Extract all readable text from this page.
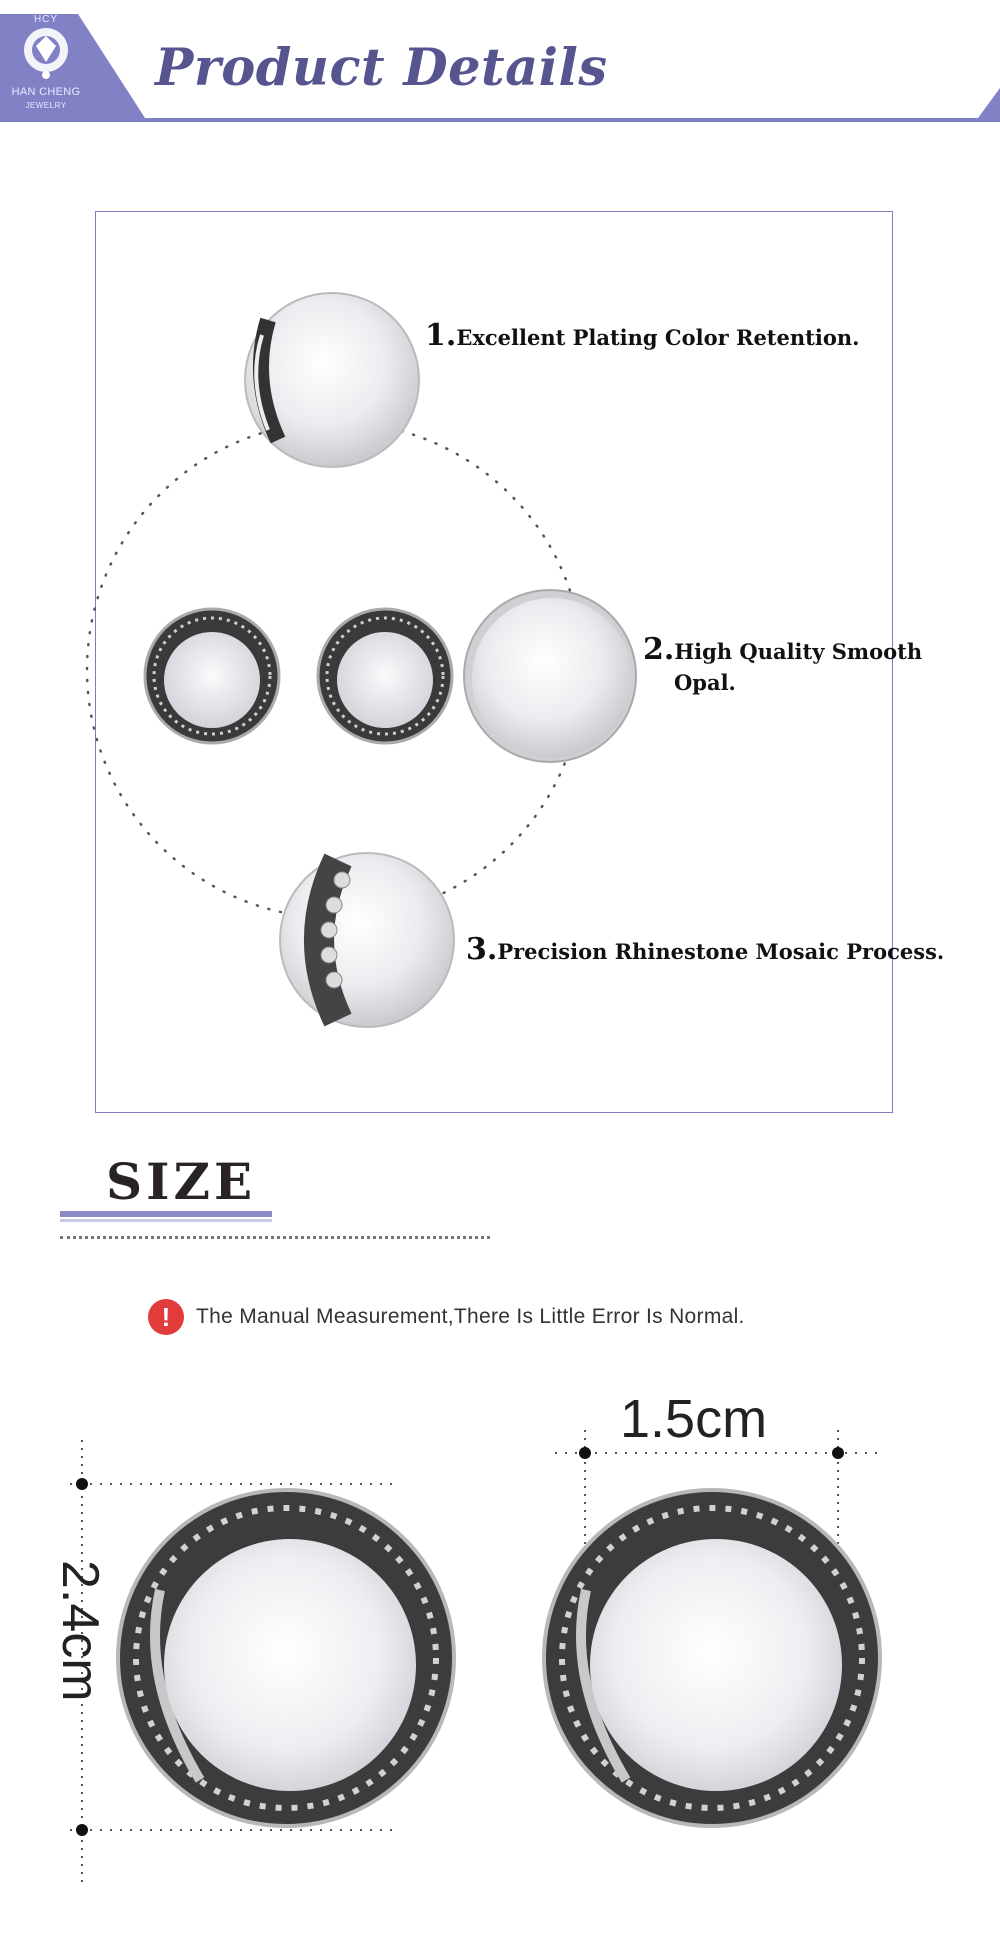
HCY
HAN CHENG
JEWELRY
Product Details
1.Excellent Plating Color Retention.
2.High Quality Smooth
Opal.
3.Precision Rhinestone Mosaic Process.
SIZE
!	The Manual Measurement,There Is Little Error Is Normal.
2.4cm
1.5cm
